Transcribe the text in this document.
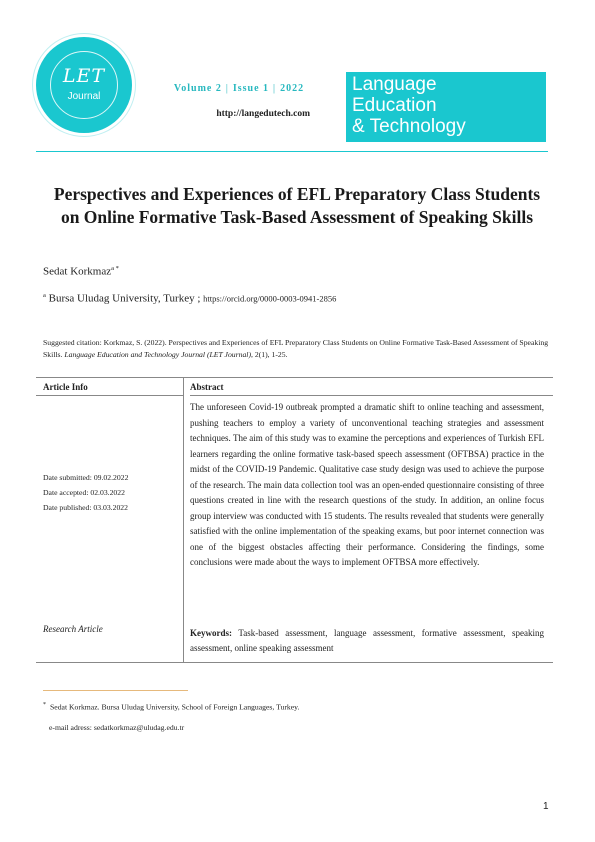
LET
Journal
Volume 2 | Issue 1 | 2022
http://langedutech.com
Language
Education
& Technology
Perspectives and Experiences of EFL Preparatory Class Students
on Online Formative Task-Based Assessment of Speaking Skills
Sedat Korkmaz$^{a *}$
$^a$ Bursa Uludag University, Turkey ; https://orcid.org/0000-0003-0941-2856
Suggested citation: Korkmaz, S. (2022). Perspectives and Experiences of EFL Preparatory Class Students on Online Formative Task-Based Assessment of Speaking Skills. Language Education and Technology Journal (LET Journal), 2(1), 1-25.
Article Info	Abstract
Date submitted: 09.02.2022
Date accepted: 02.03.2022
Date published: 03.03.2022
Research Article
The unforeseen Covid-19 outbreak prompted a dramatic shift to online teaching and assessment, pushing teachers to employ a variety of unconventional teaching strategies and assessment techniques. The aim of this study was to examine the perceptions and experiences of Turkish EFL learners regarding the online formative task-based speech assessment (OFTBSA) practice in the midst of the COVID-19 Pandemic. Qualitative case study design was used to achieve the purpose of the research. The main data collection tool was an open-ended questionnaire consisting of three questions created in line with the research questions of the study. In addition, an online focus group interview was conducted with 15 students. The results revealed that students were generally satisfied with the online implementation of the speaking exams, but poor internet connection was one of the biggest obstacles affecting their performance. Considering the findings, some conclusions were made about the ways to implement OFTBSA more effectively.
Keywords: Task-based assessment, language assessment, formative assessment, speaking assessment, online speaking assessment
* Sedat Korkmaz. Bursa Uludag University, School of Foreign Languages, Turkey.
e-mail adress: sedatkorkmaz@uludag.edu.tr
1
